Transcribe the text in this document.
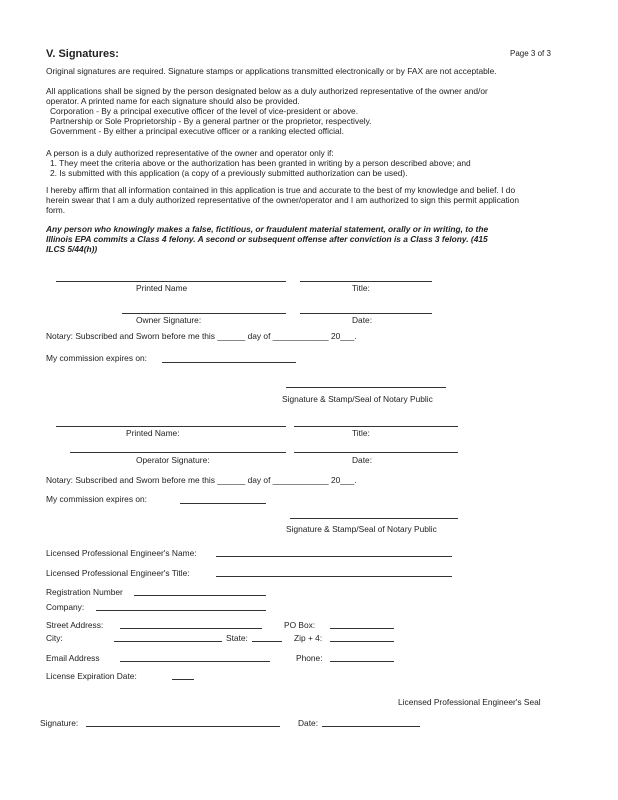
V. Signatures:	Page 3 of 3
Original signatures are required. Signature stamps or applications transmitted electronically or by FAX are not acceptable.
All applications shall be signed by the person designated below as a duly authorized representative of the owner and/or
operator. A printed name for each signature should also be provided.
Corporation - By a principal executive officer of the level of vice-president or above.
Partnership or Sole Proprietorship - By a general partner or the proprietor, respectively.
Government - By either a principal executive officer or a ranking elected official.
A person is a duly authorized representative of the owner and operator only if:
1. They meet the criteria above or the authorization has been granted in writing by a person described above; and
2. Is submitted with this application (a copy of a previously submitted authorization can be used).
I hereby affirm that all information contained in this application is true and accurate to the best of my knowledge and belief. I do
herein swear that I am a duly authorized representative of the owner/operator and I am authorized to sign this permit application
form.
Any person who knowingly makes a false, fictitious, or fraudulent material statement, orally or in writing, to the
Illinois EPA commits a Class 4 felony. A second or subsequent offense after conviction is a Class 3 felony. (415
ILCS 5/44(h))
Printed Name	Title:
Owner Signature:	Date:
Notary: Subscribed and Sworn before me this ______ day of ____________ 20___.
My commission expires on:
Signature & Stamp/Seal of Notary Public
Printed Name:	Title:
Operator Signature:	Date:
Notary: Subscribed and Sworn before me this ______ day of ____________ 20___.
My commission expires on:
Signature & Stamp/Seal of Notary Public
Licensed Professional Engineer's Name:
Licensed Professional Engineer's Title:
Registration Number
Company:
Street Address:	PO Box:
City:	State:	Zip + 4:
Email Address	Phone:
License Expiration Date:
Licensed Professional Engineer's Seal
Signature:	Date:
